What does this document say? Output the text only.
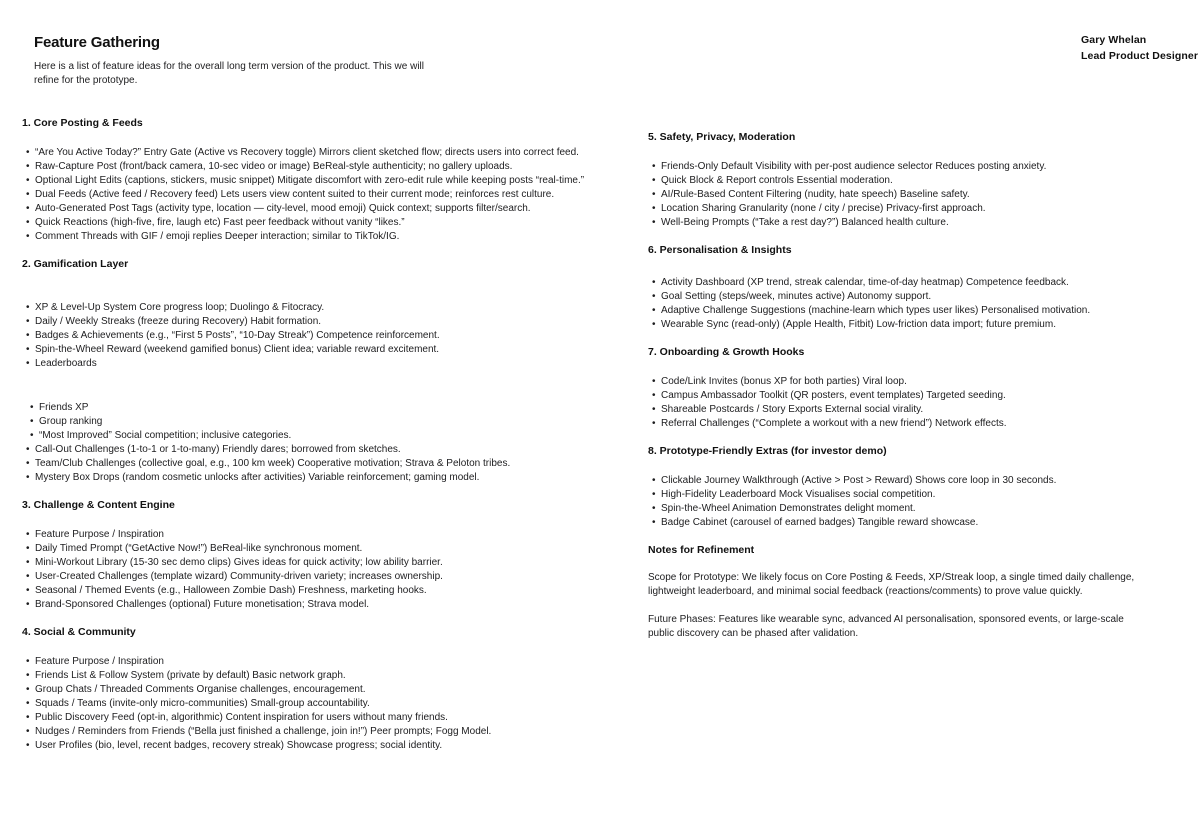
Feature Gathering

Here is a list of feature ideas for the overall long term version of the product. This we will refine for the prototype.

Gary Whelan
Lead Product Designer
1. Core Posting & Feeds
• “Are You Active Today?” Entry Gate (Active vs Recovery toggle) Mirrors client sketched flow; directs users into correct feed.
• Raw-Capture Post (front/back camera, 10-sec video or image) BeReal-style authenticity; no gallery uploads.
• Optional Light Edits (captions, stickers, music snippet) Mitigate discomfort with zero-edit rule while keeping posts “real-time.”
• Dual Feeds (Active feed / Recovery feed) Lets users view content suited to their current mode; reinforces rest culture.
• Auto-Generated Post Tags (activity type, location — city-level, mood emoji) Quick context; supports filter/search.
• Quick Reactions (high-five, fire, laugh etc) Fast peer feedback without vanity “likes.”
• Comment Threads with GIF / emoji replies Deeper interaction; similar to TikTok/IG.
2. Gamification Layer
• XP & Level-Up System Core progress loop; Duolingo & Fitocracy.
• Daily / Weekly Streaks (freeze during Recovery) Habit formation.
• Badges & Achievements (e.g., “First 5 Posts”, “10-Day Streak”) Competence reinforcement.
• Spin-the-Wheel Reward (weekend gamified bonus) Client idea; variable reward excitement.
• Leaderboards
• Friends XP
• Group ranking
• “Most Improved” Social competition; inclusive categories.
• Call-Out Challenges (1-to-1 or 1-to-many) Friendly dares; borrowed from sketches.
• Team/Club Challenges (collective goal, e.g., 100 km week) Cooperative motivation; Strava & Peloton tribes.
• Mystery Box Drops (random cosmetic unlocks after activities) Variable reinforcement; gaming model.
3. Challenge & Content Engine
• Feature Purpose / Inspiration
• Daily Timed Prompt (“GetActive Now!”) BeReal-like synchronous moment.
• Mini-Workout Library (15-30 sec demo clips) Gives ideas for quick activity; low ability barrier.
• User-Created Challenges (template wizard) Community-driven variety; increases ownership.
• Seasonal / Themed Events (e.g., Halloween Zombie Dash) Freshness, marketing hooks.
• Brand-Sponsored Challenges (optional) Future monetisation; Strava model.
4. Social & Community
• Feature Purpose / Inspiration
• Friends List & Follow System (private by default) Basic network graph.
• Group Chats / Threaded Comments Organise challenges, encouragement.
• Squads / Teams (invite-only micro-communities) Small-group accountability.
• Public Discovery Feed (opt-in, algorithmic) Content inspiration for users without many friends.
• Nudges / Reminders from Friends (“Bella just finished a challenge, join in!”) Peer prompts; Fogg Model.
• User Profiles (bio, level, recent badges, recovery streak) Showcase progress; social identity.
5. Safety, Privacy, Moderation
• Friends-Only Default Visibility with per-post audience selector Reduces posting anxiety.
• Quick Block & Report controls Essential moderation.
• AI/Rule-Based Content Filtering (nudity, hate speech) Baseline safety.
• Location Sharing Granularity (none / city / precise) Privacy-first approach.
• Well-Being Prompts (“Take a rest day?”) Balanced health culture.
6. Personalisation & Insights
• Activity Dashboard (XP trend, streak calendar, time-of-day heatmap) Competence feedback.
• Goal Setting (steps/week, minutes active) Autonomy support.
• Adaptive Challenge Suggestions (machine-learn which types user likes) Personalised motivation.
• Wearable Sync (read-only) (Apple Health, Fitbit) Low-friction data import; future premium.
7. Onboarding & Growth Hooks
• Code/Link Invites (bonus XP for both parties) Viral loop.
• Campus Ambassador Toolkit (QR posters, event templates) Targeted seeding.
• Shareable Postcards / Story Exports External social virality.
• Referral Challenges (“Complete a workout with a new friend”) Network effects.
8. Prototype-Friendly Extras (for investor demo)
• Clickable Journey Walkthrough (Active > Post > Reward) Shows core loop in 30 seconds.
• High-Fidelity Leaderboard Mock Visualises social competition.
• Spin-the-Wheel Animation Demonstrates delight moment.
• Badge Cabinet (carousel of earned badges) Tangible reward showcase.
Notes for Refinement

Scope for Prototype: We likely focus on Core Posting & Feeds, XP/Streak loop, a single timed daily challenge, lightweight leaderboard, and minimal social feedback (reactions/comments) to prove value quickly.

Future Phases: Features like wearable sync, advanced AI personalisation, sponsored events, or large-scale public discovery can be phased after validation.
